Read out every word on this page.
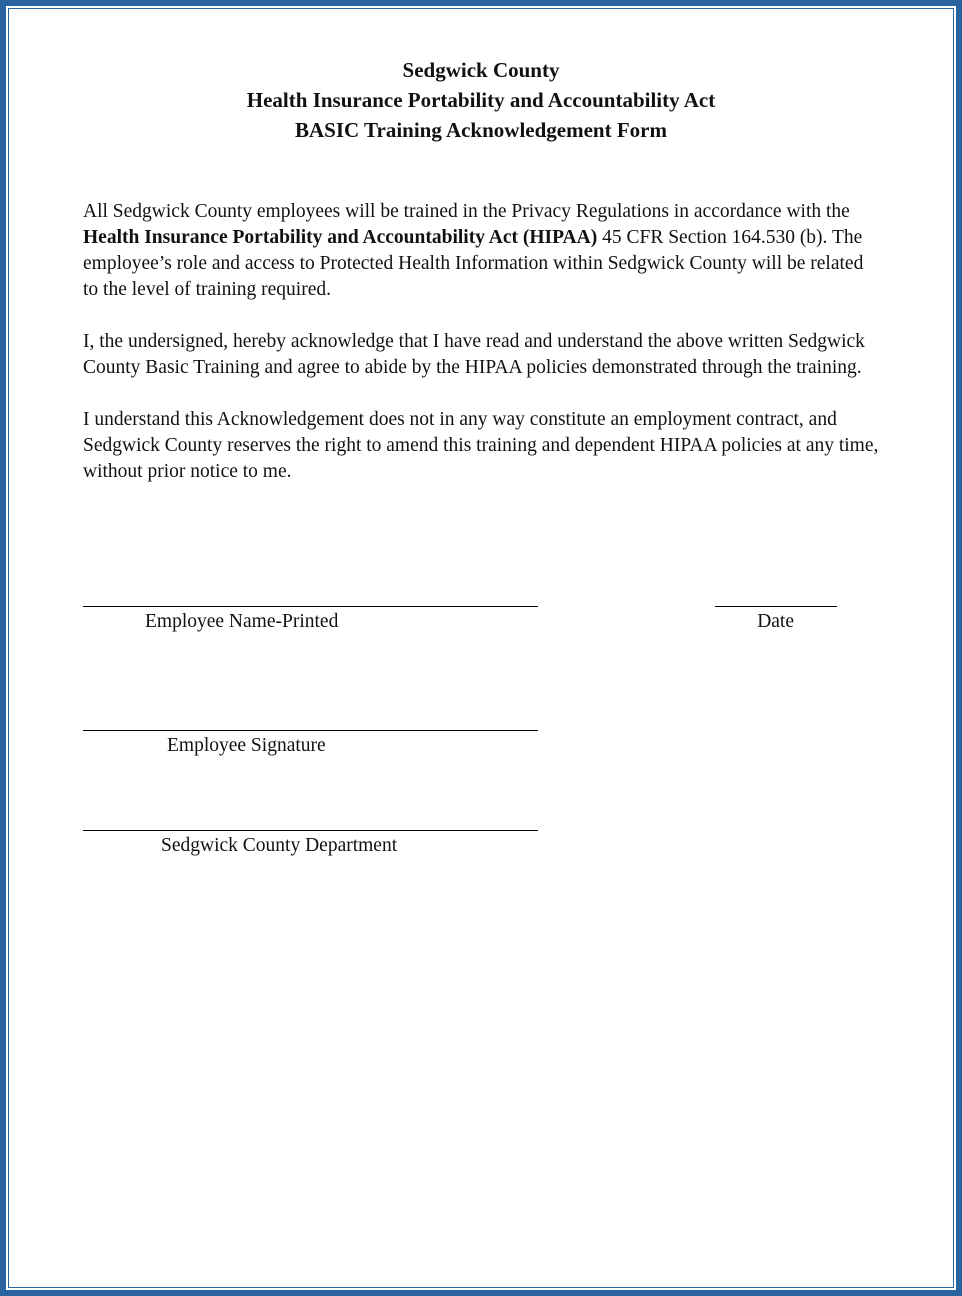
Sedgwick County
Health Insurance Portability and Accountability Act
BASIC Training Acknowledgement Form

All Sedgwick County employees will be trained in the Privacy Regulations in accordance with the Health Insurance Portability and Accountability Act (HIPAA) 45 CFR Section 164.530 (b). The employee’s role and access to Protected Health Information within Sedgwick County will be related to the level of training required.

I, the undersigned, hereby acknowledge that I have read and understand the above written Sedgwick County Basic Training and agree to abide by the HIPAA policies demonstrated through the training.

I understand this Acknowledgement does not in any way constitute an employment contract, and Sedgwick County reserves the right to amend this training and dependent HIPAA policies at any time, without prior notice to me.

Employee Name-Printed	Date
Employee Signature
Sedgwick County Department
